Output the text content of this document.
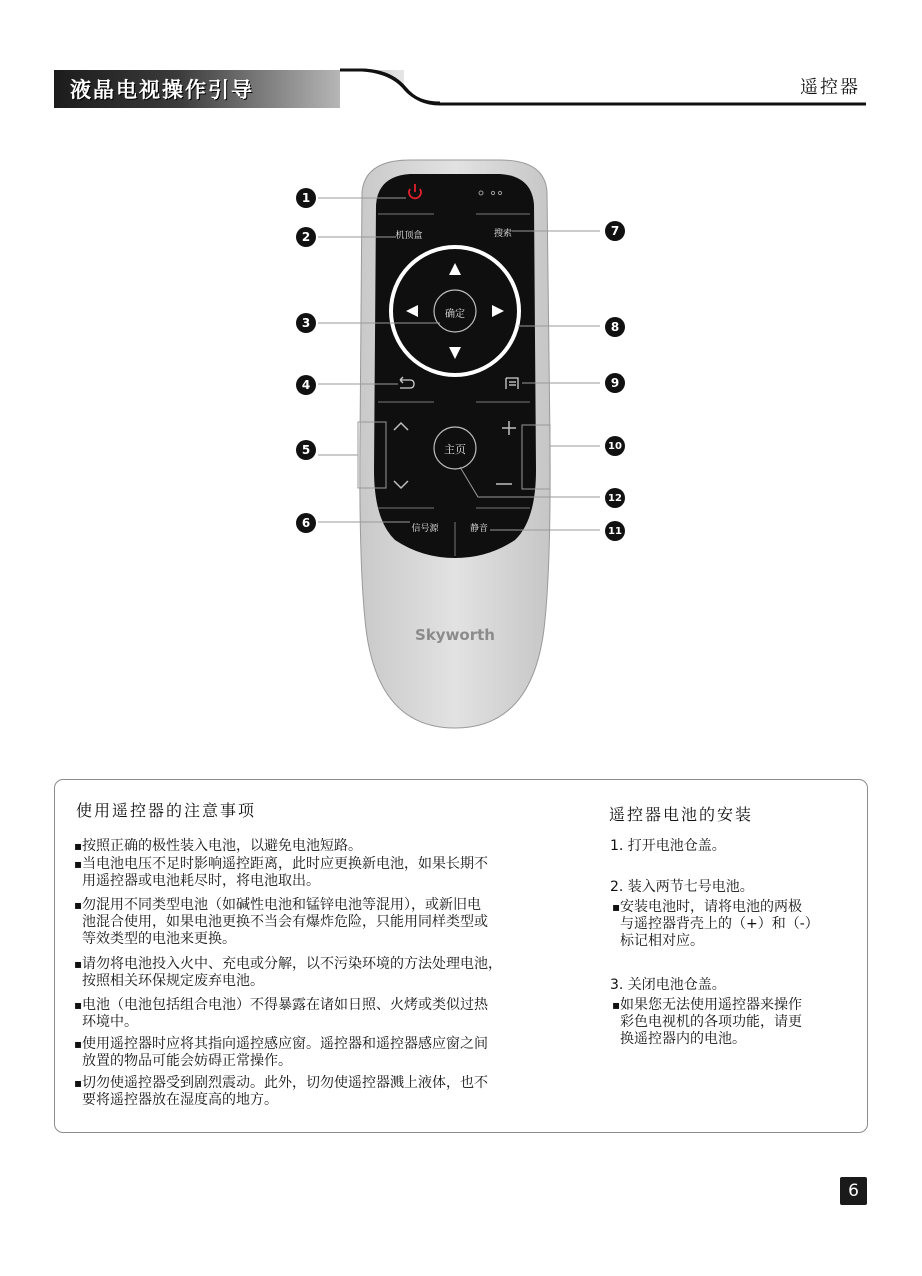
液晶电视操作引导	遥控器
机顶盒	搜索
确定
主页
信号源	静音
Skyworth
1
2
3
4
5
6
7
8
9
10
11
12
使用遥控器的注意事项
▪ 按照正确的极性装入电池，以避免电池短路。
▪ 当电池电压不足时影响遥控距离，此时应更换新电池，如果长期不
用遥控器或电池耗尽时，将电池取出。
▪ 勿混用不同类型电池（如碱性电池和锰锌电池等混用），或新旧电
池混合使用，如果电池更换不当会有爆炸危险，只能用同样类型或
等效类型的电池来更换。
▪ 请勿将电池投入火中、充电或分解，以不污染环境的方法处理电池，
按照相关环保规定废弃电池。
▪ 电池（电池包括组合电池）不得暴露在诸如日照、火烤或类似过热
环境中。
▪ 使用遥控器时应将其指向遥控感应窗。遥控器和遥控器感应窗之间
放置的物品可能会妨碍正常操作。
▪ 切勿使遥控器受到剧烈震动。此外，切勿使遥控器溅上液体，也不
要将遥控器放在湿度高的地方。
遥控器电池的安装
1. 打开电池仓盖。
2. 装入两节七号电池。
▪ 安装电池时，请将电池的两极
与遥控器背壳上的（+）和（-）
标记相对应。
3. 关闭电池仓盖。
▪ 如果您无法使用遥控器来操作
彩色电视机的各项功能，请更
换遥控器内的电池。
6
